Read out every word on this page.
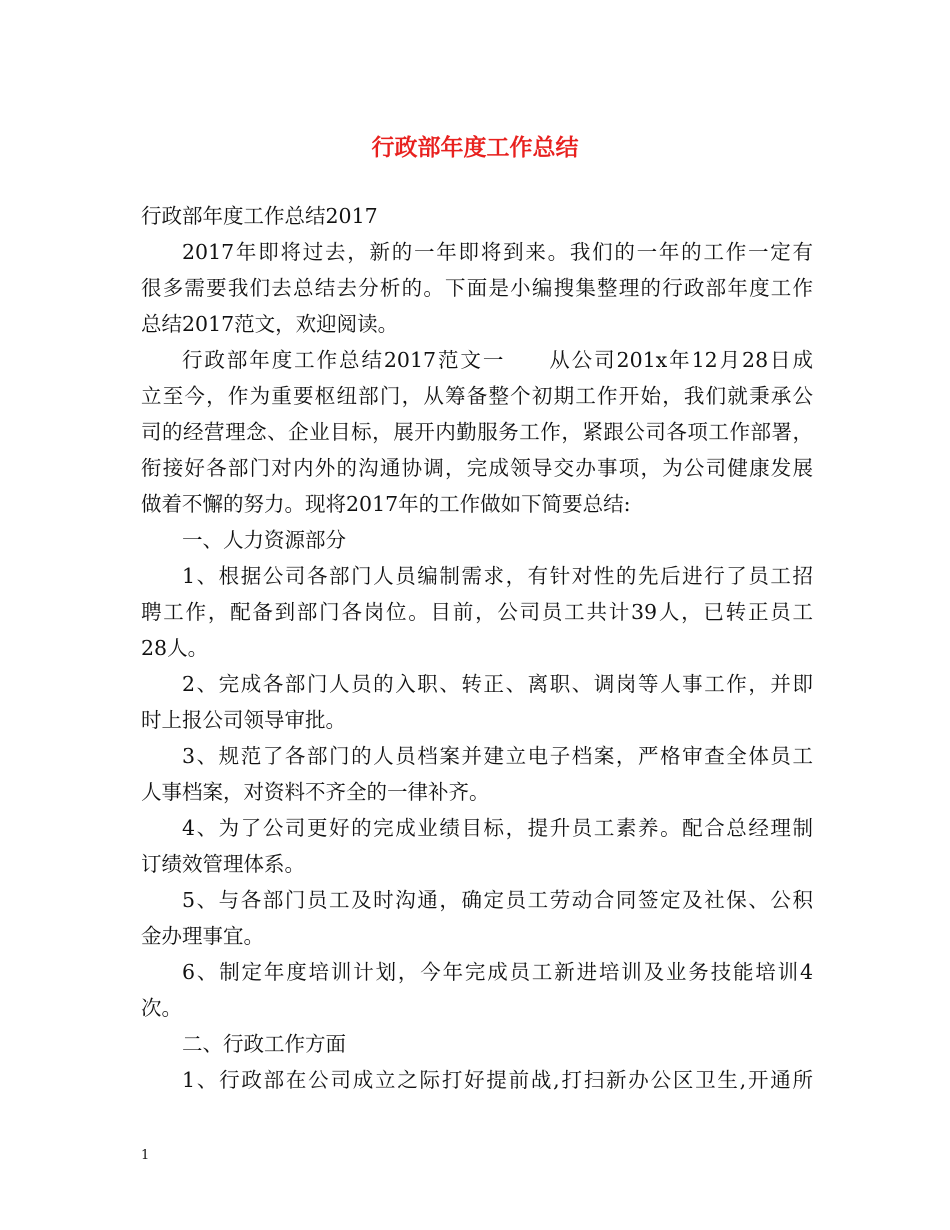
行政部年度工作总结
行政部年度工作总结2017
2017年即将过去，新的一年即将到来。我们的一年的工作一定有
很多需要我们去总结去分析的。下面是小编搜集整理的行政部年度工作
总结2017范文，欢迎阅读。
行政部年度工作总结2017范文一 从公司201x年12月28日成
立至今，作为重要枢纽部门，从筹备整个初期工作开始，我们就秉承公
司的经营理念、企业目标，展开内勤服务工作，紧跟公司各项工作部署，
衔接好各部门对内外的沟通协调，完成领导交办事项，为公司健康发展
做着不懈的努力。现将2017年的工作做如下简要总结:
一、人力资源部分
1、根据公司各部门人员编制需求，有针对性的先后进行了员工招
聘工作，配备到部门各岗位。目前，公司员工共计39人，已转正员工
28人。
2、完成各部门人员的入职、转正、离职、调岗等人事工作，并即
时上报公司领导审批。
3、规范了各部门的人员档案并建立电子档案，严格审查全体员工
人事档案，对资料不齐全的一律补齐。
4、为了公司更好的完成业绩目标，提升员工素养。配合总经理制
订绩效管理体系。
5、与各部门员工及时沟通，确定员工劳动合同签定及社保、公积
金办理事宜。
6、制定年度培训计划，今年完成员工新进培训及业务技能培训4
次。
二、行政工作方面
1、行政部在公司成立之际打好提前战,打扫新办公区卫生,开通所
1
